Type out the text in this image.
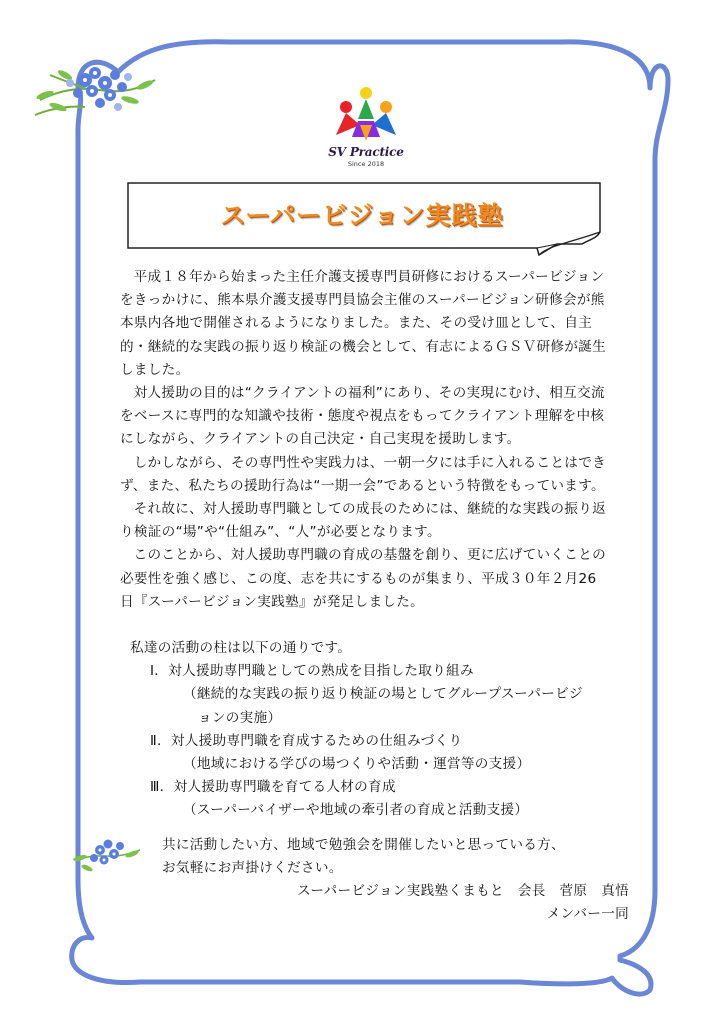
SV Practice
Since 2018
スーパービジョン実践塾

平成１８年から始まった主任介護支援専門員研修におけるスーパービジョンをきっかけに、熊本県介護支援専門員協会主催のスーパービジョン研修会が熊本県内各地で開催されるようになりました。また、その受け皿として、自主的・継続的な実践の振り返り検証の機会として、有志によるＧＳＶ研修が誕生しました。

対人援助の目的は“クライアントの福利”にあり、その実現にむけ、相互交流をベースに専門的な知識や技術・態度や視点をもってクライアント理解を中核にしながら、クライアントの自己決定・自己実現を援助します。

しかしながら、その専門性や実践力は、一朝一夕には手に入れることはできず、また、私たちの援助行為は“一期一会”であるという特徴をもっています。

それ故に、対人援助専門職としての成長のためには、継続的な実践の振り返り検証の“場”や“仕組み”、“人”が必要となります。

このことから、対人援助専門職の育成の基盤を創り、更に広げていくことの必要性を強く感じ、この度、志を共にするものが集まり、平成３０年２月26日『スーパービジョン実践塾』が発足しました。

私達の活動の柱は以下の通りです。

Ⅰ．対人援助専門職としての熟成を目指した取り組み
（継続的な実践の振り返り検証の場としてグループスーパービジ
ョンの実施）
Ⅱ．対人援助専門職を育成するための仕組みづくり
（地域における学びの場つくりや活動・運営等の支援）
Ⅲ．対人援助専門職を育てる人材の育成
（スーパーバイザーや地域の牽引者の育成と活動支援）

共に活動したい方、地域で勉強会を開催したいと思っている方、

お気軽にお声掛けください。

スーパービジョン実践塾くまもと　会長　菅原　真悟

メンバー一同
